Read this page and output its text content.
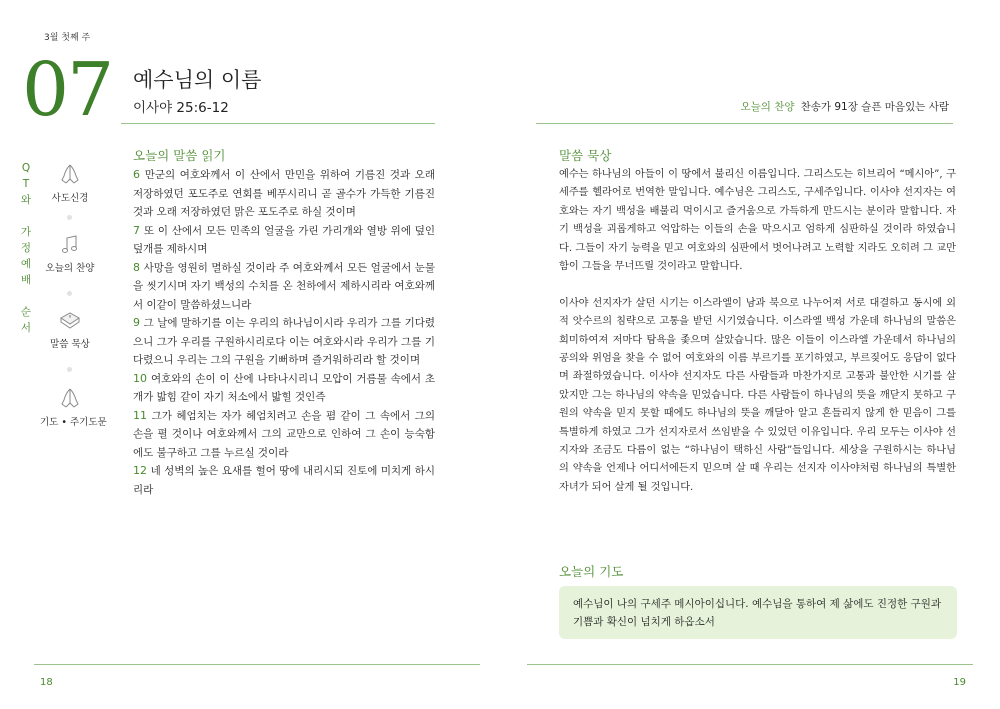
3월 첫째 주
07 예수님의 이름
이사야 25:6-12	오늘의 찬양 찬송가 91장 슬픈 마음있는 사람
Q
T
와

가
정
예
배

순
서
사도신경
오늘의 찬양
말씀 묵상
기도 • 주기도문
오늘의 말씀 읽기
6 만군의 여호와께서 이 산에서 만민을 위하여 기름진 것과 오래 저장하였던 포도주로 연회를 베푸시리니 곧 골수가 가득한 기름진 것과 오래 저장하였던 맑은 포도주로 하실 것이며
7 또 이 산에서 모든 민족의 얼굴을 가린 가리개와 열방 위에 덮인 덮개를 제하시며
8 사망을 영원히 멸하실 것이라 주 여호와께서 모든 얼굴에서 눈물을 씻기시며 자기 백성의 수치를 온 천하에서 제하시리라 여호와께서 이같이 말씀하셨느니라
9 그 날에 말하기를 이는 우리의 하나님이시라 우리가 그를 기다렸으니 그가 우리를 구원하시리로다 이는 여호와시라 우리가 그를 기다렸으니 우리는 그의 구원을 기뻐하며 즐거워하리라 할 것이며
10 여호와의 손이 이 산에 나타나시리니 모압이 거름물 속에서 초개가 밟힘 같이 자기 처소에서 밟힐 것인즉
11 그가 헤엄치는 자가 헤엄치려고 손을 폄 같이 그 속에서 그의 손을 펼 것이나 여호와께서 그의 교만으로 인하여 그 손이 능숙함에도 불구하고 그를 누르실 것이라
12 네 성벽의 높은 요새를 헐어 땅에 내리시되 진토에 미치게 하시리라
말씀 묵상

예수는 하나님의 아들이 이 땅에서 불리신 이름입니다. 그리스도는 히브리어 “메시아”, 구세주를 헬라어로 번역한 말입니다. 예수님은 그리스도, 구세주입니다. 이사야 선지자는 여호와는 자기 백성을 배불리 먹이시고 즐거움으로 가득하게 만드시는 분이라 말합니다. 자기 백성을 괴롭게하고 억압하는 이들의 손을 막으시고 엄하게 심판하실 것이라 하였습니다. 그들이 자기 능력을 믿고 여호와의 심판에서 벗어나려고 노력할 지라도 오히려 그 교만함이 그들을 무너뜨릴 것이라고 말합니다.

이사야 선지자가 살던 시기는 이스라엘이 남과 북으로 나누어져 서로 대결하고 동시에 외적 앗수르의 침략으로 고통을 받던 시기였습니다. 이스라엘 백성 가운데 하나님의 말씀은 희미하여져 저마다 탐욕을 좇으며 살았습니다. 많은 이들이 이스라엘 가운데서 하나님의 공의와 위엄을 찾을 수 없어 여호와의 이름 부르기를 포기하였고, 부르짖어도 응답이 없다며 좌절하였습니다. 이사야 선지자도 다른 사람들과 마찬가지로 고통과 불안한 시기를 살았지만 그는 하나님의 약속을 믿었습니다. 다른 사람들이 하나님의 뜻을 깨닫지 못하고 구원의 약속을 믿지 못할 때에도 하나님의 뜻을 깨달아 알고 흔들리지 않게 한 믿음이 그를 특별하게 하였고 그가 선지자로서 쓰임받을 수 있었던 이유입니다. 우리 모두는 이사야 선지자와 조금도 다름이 없는 “하나님이 택하신 사람”들입니다. 세상을 구원하시는 하나님의 약속을 언제나 어디서에든지 믿으며 살 때 우리는 선지자 이사야처럼 하나님의 특별한 자녀가 되어 살게 될 것입니다.

오늘의 기도
예수님이 나의 구세주 메시아이십니다. 예수님을 통하여 제 삶에도 진정한 구원과
기쁨과 확신이 넘치게 하옵소서
18	19
